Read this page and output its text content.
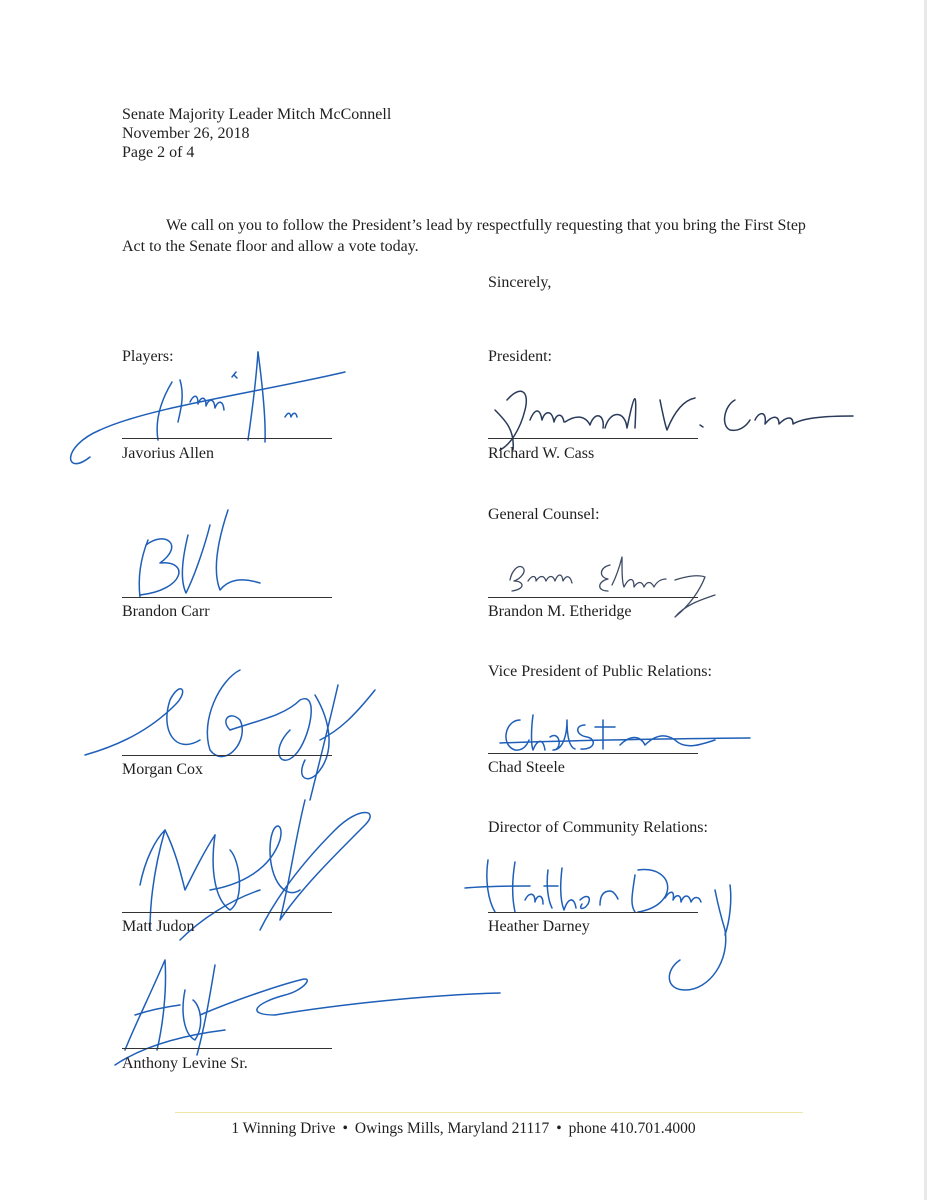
Senate Majority Leader Mitch McConnell
November 26, 2018
Page 2 of 4
We call on you to follow the President’s lead by respectfully requesting that you bring the First Step Act to the Senate floor and allow a vote today.
Sincerely,
Players:
Javorius Allen
Brandon Carr
Morgan Cox
Matt Judon
Anthony Levine Sr.
President:
Richard W. Cass
General Counsel:
Brandon M. Etheridge
Vice President of Public Relations:
Chad Steele
Director of Community Relations:
Heather Darney
1 Winning Drive • Owings Mills, Maryland 21117 • phone 410.701.4000
